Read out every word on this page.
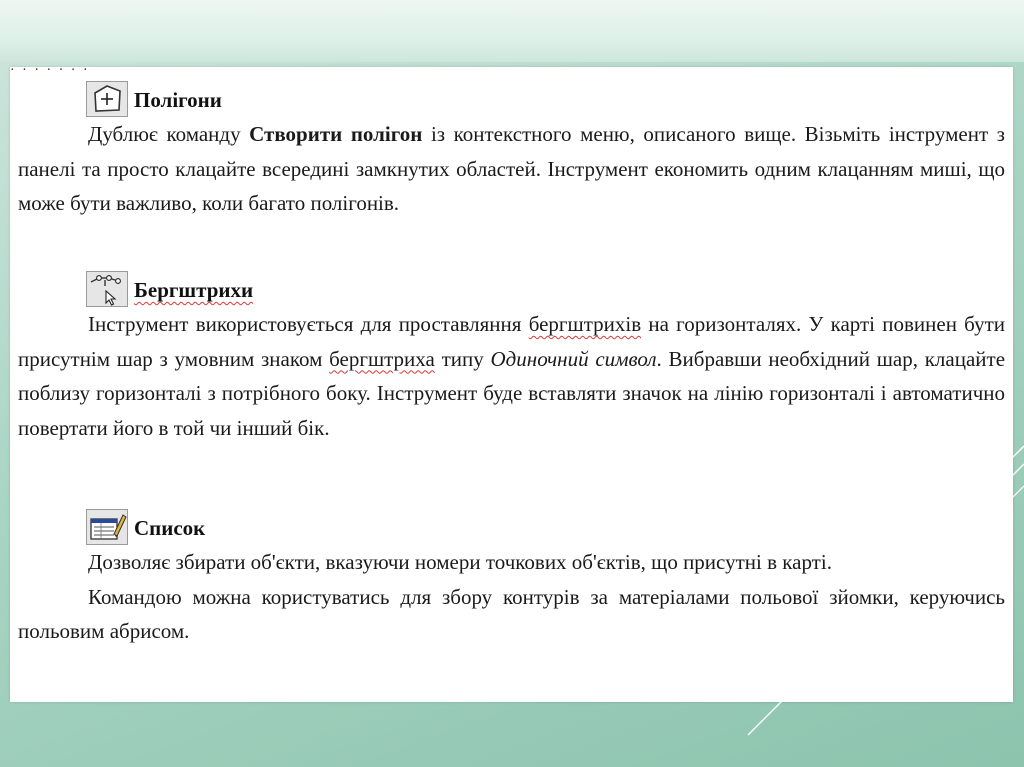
· · · · · · ·
Полігони

Дублює команду Створити полігон із контекстного меню, описаного вище. Візьміть інструмент з панелі та просто клацайте всередині замкнутих областей. Інструмент економить одним клацанням миші, що може бути важливо, коли багато полігонів.

Бергштрихи

Інструмент використовується для проставляння бергштрихів на горизонталях. У карті повинен бути присутнім шар з умовним знаком бергштриха типу Одиночний символ. Вибравши необхідний шар, клацайте поблизу горизонталі з потрібного боку. Інструмент буде вставляти значок на лінію горизонталі і автоматично повертати його в той чи інший бік.

Список

Дозволяє збирати об'єкти, вказуючи номери точкових об'єктів, що присутні в карті.

Командою можна користуватись для збору контурів за матеріалами польової зйомки, керуючись польовим абрисом.
